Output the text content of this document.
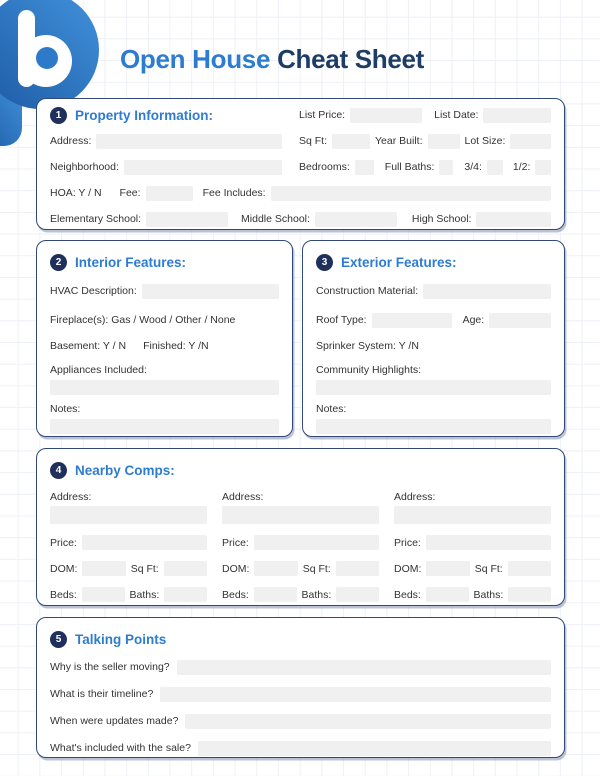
Open House Cheat Sheet
1	Property Information:	List Price:	List Date:
Address:	Sq Ft:	Year Built:	Lot Size:
Neighborhood:	Bedrooms:	Full Baths:	3/4:	1/2:
HOA: Y / N Fee:	Fee Includes:
Elementary School:	Middle School:	High School:
2	Interior Features:
HVAC Description:
Fireplace(s): Gas / Wood / Other / None
Basement: Y / N Finished: Y /N
Appliances Included:
Notes:
3	Exterior Features:
Construction Material:
Roof Type:	Age:
Sprinker System: Y /N
Community Highlights:
Notes:
4	Nearby Comps:
Address:
Price:
DOM:	Sq Ft:
Beds:	Baths:
Address:
Price:
DOM:	Sq Ft:
Beds:	Baths:
Address:
Price:
DOM:	Sq Ft:
Beds:	Baths:
5	Talking Points
Why is the seller moving?
What is their timeline?
When were updates made?
What's included with the sale?
